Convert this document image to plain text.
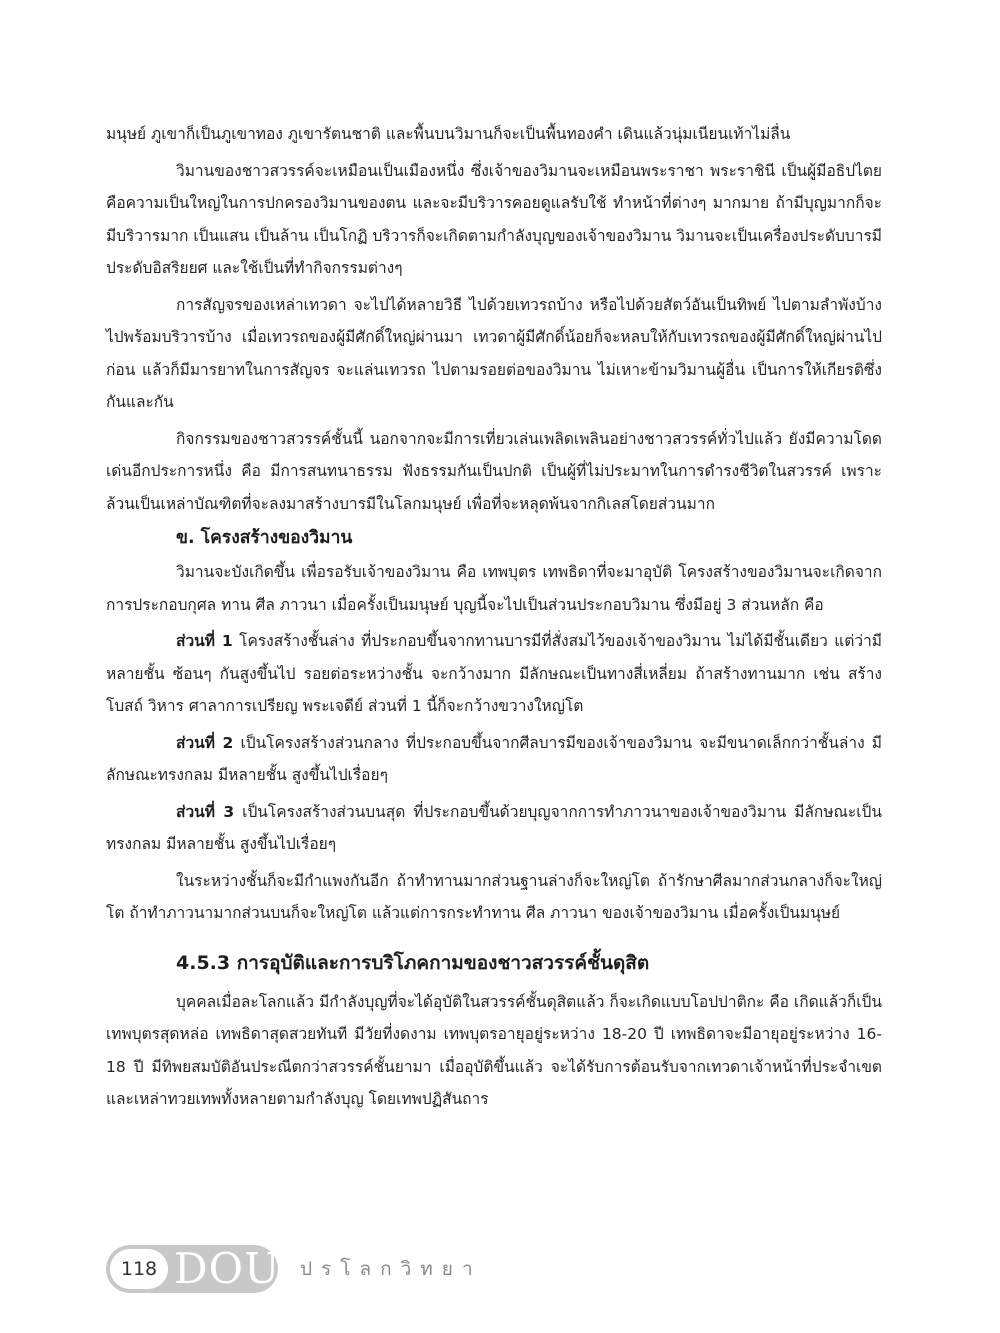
มนุษย์ ภูเขาก็เป็นภูเขาทอง ภูเขารัตนชาติ และพื้นบนวิมานก็จะเป็นพื้นทองคำ เดินแล้วนุ่มเนียนเท้าไม่ลื่น

วิมานของชาวสวรรค์จะเหมือนเป็นเมืองหนึ่ง ซึ่งเจ้าของวิมานจะเหมือนพระราชา พระราชินี เป็นผู้มีอธิปไตย คือความเป็นใหญ่ในการปกครองวิมานของตน และจะมีบริวารคอยดูแลรับใช้ ทำหน้าที่ต่างๆ มากมาย ถ้ามีบุญมากก็จะมีบริวารมาก เป็นแสน เป็นล้าน เป็นโกฏิ บริวารก็จะเกิดตามกำลังบุญของเจ้าของวิมาน วิมานจะเป็นเครื่องประดับบารมี ประดับอิสริยยศ และใช้เป็นที่ทำกิจกรรมต่างๆ

การสัญจรของเหล่าเทวดา จะไปได้หลายวิธี ไปด้วยเทวรถบ้าง หรือไปด้วยสัตว์อันเป็นทิพย์ ไปตามลำพังบ้าง ไปพร้อมบริวารบ้าง เมื่อเทวรถของผู้มีศักดิ์ใหญ่ผ่านมา เทวดาผู้มีศักดิ์น้อยก็จะหลบให้กับเทวรถของผู้มีศักดิ์ใหญ่ผ่านไปก่อน แล้วก็มีมารยาทในการสัญจร จะแล่นเทวรถ ไปตามรอยต่อของวิมาน ไม่เหาะข้ามวิมานผู้อื่น เป็นการให้เกียรติซึ่งกันและกัน

กิจกรรมของชาวสวรรค์ชั้นนี้ นอกจากจะมีการเที่ยวเล่นเพลิดเพลินอย่างชาวสวรรค์ทั่วไปแล้ว ยังมีความโดดเด่นอีกประการหนึ่ง คือ มีการสนทนาธรรม ฟังธรรมกันเป็นปกติ เป็นผู้ที่ไม่ประมาทในการดำรงชีวิตในสวรรค์ เพราะล้วนเป็นเหล่าบัณฑิตที่จะลงมาสร้างบารมีในโลกมนุษย์ เพื่อที่จะหลุดพ้นจากกิเลสโดยส่วนมาก

ข. โครงสร้างของวิมาน

วิมานจะบังเกิดขึ้น เพื่อรอรับเจ้าของวิมาน คือ เทพบุตร เทพธิดาที่จะมาอุบัติ โครงสร้างของวิมานจะเกิดจากการประกอบกุศล ทาน ศีล ภาวนา เมื่อครั้งเป็นมนุษย์ บุญนี้จะไปเป็นส่วนประกอบวิมาน ซึ่งมีอยู่ 3 ส่วนหลัก คือ

ส่วนที่ 1 โครงสร้างชั้นล่าง ที่ประกอบขึ้นจากทานบารมีที่สั่งสมไว้ของเจ้าของวิมาน ไม่ได้มีชั้นเดียว แต่ว่ามีหลายชั้น ซ้อนๆ กันสูงขึ้นไป รอยต่อระหว่างชั้น จะกว้างมาก มีลักษณะเป็นทางสี่เหลี่ยม ถ้าสร้างทานมาก เช่น สร้างโบสถ์ วิหาร ศาลาการเปรียญ พระเจดีย์ ส่วนที่ 1 นี้ก็จะกว้างขวางใหญ่โต

ส่วนที่ 2 เป็นโครงสร้างส่วนกลาง ที่ประกอบขึ้นจากศีลบารมีของเจ้าของวิมาน จะมีขนาดเล็กกว่าชั้นล่าง มีลักษณะทรงกลม มีหลายชั้น สูงขึ้นไปเรื่อยๆ

ส่วนที่ 3 เป็นโครงสร้างส่วนบนสุด ที่ประกอบขึ้นด้วยบุญจากการทำภาวนาของเจ้าของวิมาน มีลักษณะเป็นทรงกลม มีหลายชั้น สูงขึ้นไปเรื่อยๆ

ในระหว่างชั้นก็จะมีกำแพงกันอีก ถ้าทำทานมากส่วนฐานล่างก็จะใหญ่โต ถ้ารักษาศีลมากส่วนกลางก็จะใหญ่โต ถ้าทำภาวนามากส่วนบนก็จะใหญ่โต แล้วแต่การกระทำทาน ศีล ภาวนา ของเจ้าของวิมาน เมื่อครั้งเป็นมนุษย์

4.5.3 การอุบัติและการบริโภคกามของชาวสวรรค์ชั้นดุสิต

บุคคลเมื่อละโลกแล้ว มีกำลังบุญที่จะได้อุบัติในสวรรค์ชั้นดุสิตแล้ว ก็จะเกิดแบบโอปปาติกะ คือ เกิดแล้วก็เป็นเทพบุตรสุดหล่อ เทพธิดาสุดสวยทันที มีวัยที่งดงาม เทพบุตรอายุอยู่ระหว่าง 18-20 ปี เทพธิดาจะมีอายุอยู่ระหว่าง 16-18 ปี มีทิพยสมบัติอันประณีตกว่าสวรรค์ชั้นยามา เมื่ออุบัติขึ้นแล้ว จะได้รับการต้อนรับจากเทวดาเจ้าหน้าที่ประจำเขต และเหล่าทวยเทพทั้งหลายตามกำลังบุญ โดยเทพปฏิสันถาร

118 DOU ปรโลกวิทยา
